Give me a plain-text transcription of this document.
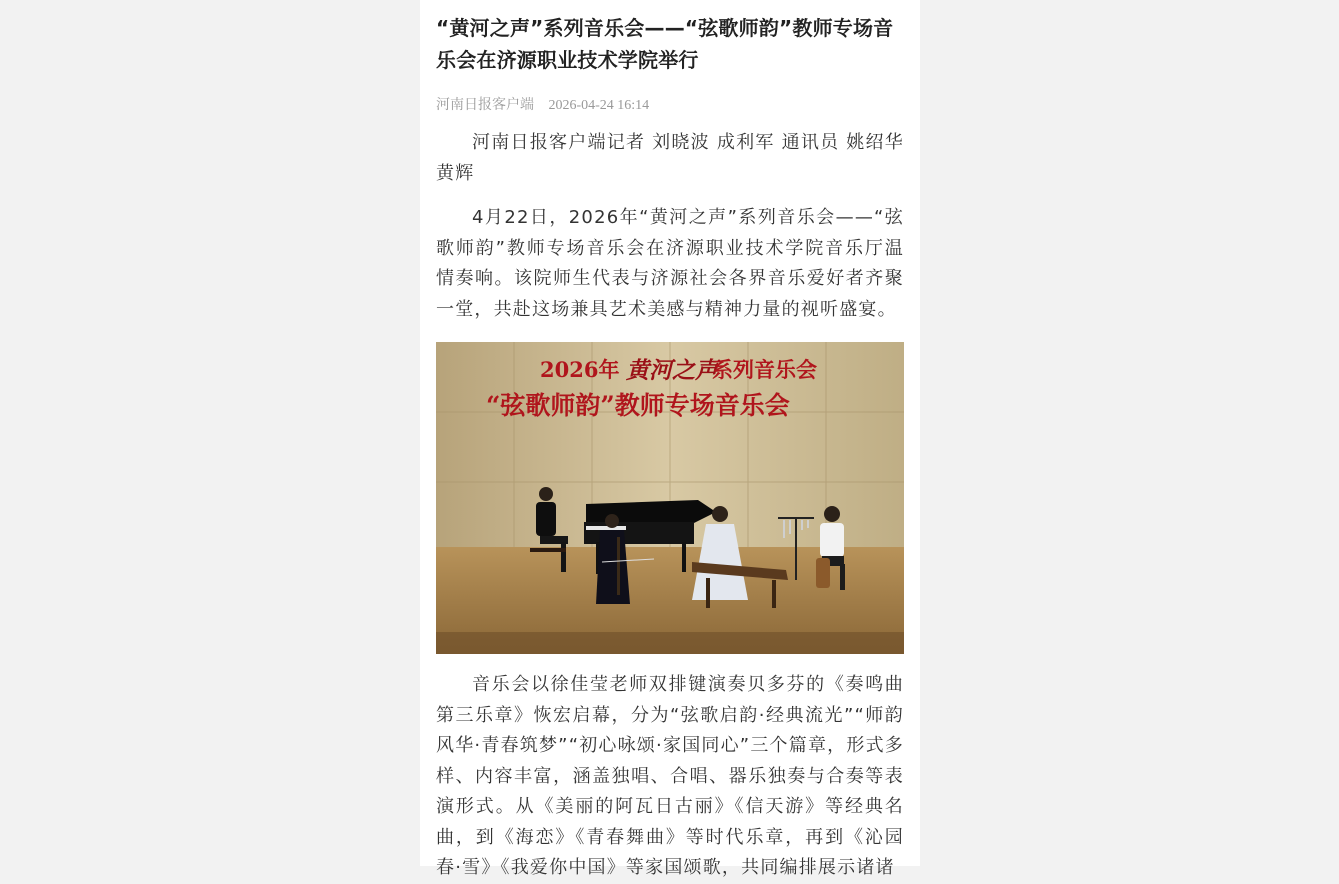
“黄河之声”系列音乐会——“弦歌师韵”教师专场音乐会在济源职业技术学院举行
河南日报客户端 2026-04-24 16:14

河南日报客户端记者 刘晓波 成利军 通讯员 姚绍华 黄辉

4月22日，2026年“黄河之声”系列音乐会——“弦歌师韵”教师专场音乐会在济源职业技术学院音乐厅温情奏响。该院师生代表与济源社会各界音乐爱好者齐聚一堂，共赴这场兼具艺术美感与精神力量的视听盛宴。

2026年 黄河之声
系列音乐会
“弦歌师韵”教师专场音乐会

音乐会以徐佳莹老师双排键演奏贝多芬的《奏鸣曲第三乐章》恢宏启幕，分为“弦歌启韵·经典流光”“师韵风华·青春筑梦”“初心咏颂·家国同心”三个篇章，形式多样、内容丰富，涵盖独唱、合唱、器乐独奏与合奏等表演形式。从《美丽的阿瓦日古丽》《信天游》等经典名曲，到《海恋》《青春舞曲》等时代乐章，再到《沁园春·雪》《我爱你中国》等家国颂歌，共同编排展示诸诸
